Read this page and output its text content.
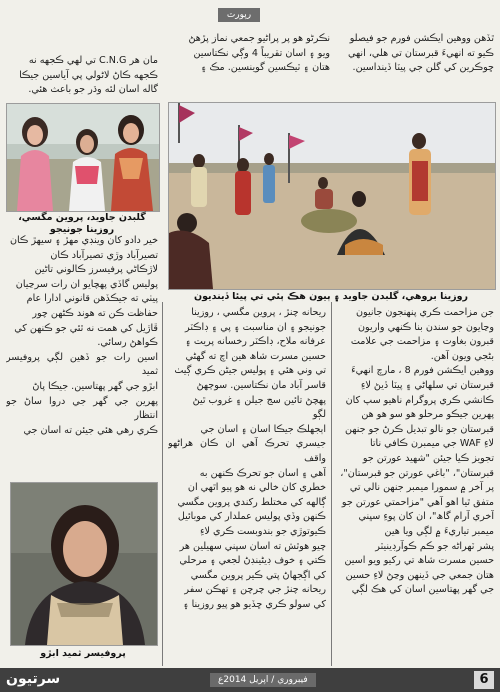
رپورٽ

ٿڏهن ووهين ايڪشن فورم جو فيصلو

ڪيو ته انهيءَ قبرستان تي هلي، انهي

ڇوڪرين کي گلن جي پيٽا ڏينداسين.

نڪرڻو هو پر پراڻيو جمعي نماز پڙهڻ

ويو ۽ اسان تقريباً 4 وڳي نڪتاسين

هتان ۽ ٽيڪسين گوينسين. مڪ ۽

مان هر C.N.G تي لهي ڪجهه نه

ڪجهه ڪاڻ لاڻولي پي آياسين جيڪا

گاله اسان لئه وڌر جو باعث هئي.

گلبدن جاويد، پروين مگسي، روزينا جونيجو
روزينا بروهي، گلبدن جاويد ۽ ٻيون هڪ ٻئي تي پيئا ڏينديون

خير دادو کان وينڊي مهڙ ۽ سيھڙ ڪان

تصيرآباد وڙي تصيرآباد ڪان

لاڙڪاڻي پرفيسرز ڪالوني تاڻين

پوليس گاڏي پهچايو ان رات سرڃيان

پيٺي ته جيڪڏهن قانوني ادارا عام

حفاظت ڪن ته هوند ڪڻهن چور

ڦاڙيل کي همت نه ٿئي جو ڪنهن کي

ڪواهڻ رسائي.

اسين رات جو ڏهين لڳي پروفيسر ثميد

ابڙو جي گهر پهتاسين. جيڪا پاڻ

پهرين جي گهر جي دروا ساڻ جو انتظار

ڪري رهي هئي جيئن ته اسان جي

ريحانه چنڙ ، پروين مگسي ، روزينا

جونيجو ۽ ان مناسبت ۽ پي ۽ ڊاڪٽر

عرفانه ملاح، ڊاڪٽر رخسانه پريت ۽

حسين مسرت شاھ هين اچ ته گهڻي

تي وني هئي ۽ پوليس جيڻن ڪري ڳيٺ

قاسر آباد مان نڪتاسين. سوڄهڻ

پهچڻ تائين سج جيلن ۽ غروب ٿيڻ

لڳو

اٻجهلڪ جيڪا اسان ۽ اسان جي

جيسري تحرڪ آهي ان ڪان هراڻهو واقف

آهي ۽ اسان جو تحرڪ ڪنهن به

خطري کان خالي نه هو پيو اٿهي ان

ڳالهه کي مختلط رکندي پروين مگسي

ڪنهن وڏي پوليس عملدار کي موبائيل

ڪيوتوڙي جو بندوبست ڪري لاءِ

چيو هوٿش ته اسان سڀني سهيلين هر

ڪتي ۽ خوف ڊيڻينڊڻ لجعي ۽ مرحلي

کي اڳجهاڻ پتي ڪير پروين مگسي

ريحانه چنڙ جي چرچن ۽ تهڪن سفر

کي سولو ڪري ڇڏيو هو پيو روزينا ۽

جن مزاحمت ڪري پنهنجون جانيون

وڃايون جو سندن بنا ڪنهي واريون

قبرون بغاوت ۽ مزاحمت جي علامت

بڻجي ويون آهن.

ووهين ايڪشن فورم 8 ، مارچ انهيءَ

قبرستان تي سلهاڻي ۽ پيٽا ڏيڻ لاءِ

ڪانشي ڪري پروگرام ناهيو سپ کان

پهرين جيڪو مرحلو هو سو هو هن

قبرستان جو نالو تبديل ڪرڻ جو جنهن

لاءِ WAF جي ميمبرن ڪافي ناتا

تجويز ڪيا جيئن "شهيد عورتن جو

قبرستان"، "باغي عورتن جو قبرستان"،

پر آخر ۾ سمورا ميمبر جنهن نالي تي

متفق ٿيا اهو آهي "مزاحمتي عورتن جو

آخري آرام گاھ"، ان کان پوءِ سڀني

ميمبر تياريءَ ۾ لڳي ويا هين

پشر ٽهراڻه جو ڪم ڪوآرڊينيٽر

حسين مسرت شاھ تي رکيو ويو اسين

هتان جمعي جي ڏينهن وڃڻ لاءِ حسين

جي گهر پهتاسين اسان کي هڪ لڳي

پروفيسر ثميد ابڙو
6
فيبروري / اپريل 2014ع
سرتيون
